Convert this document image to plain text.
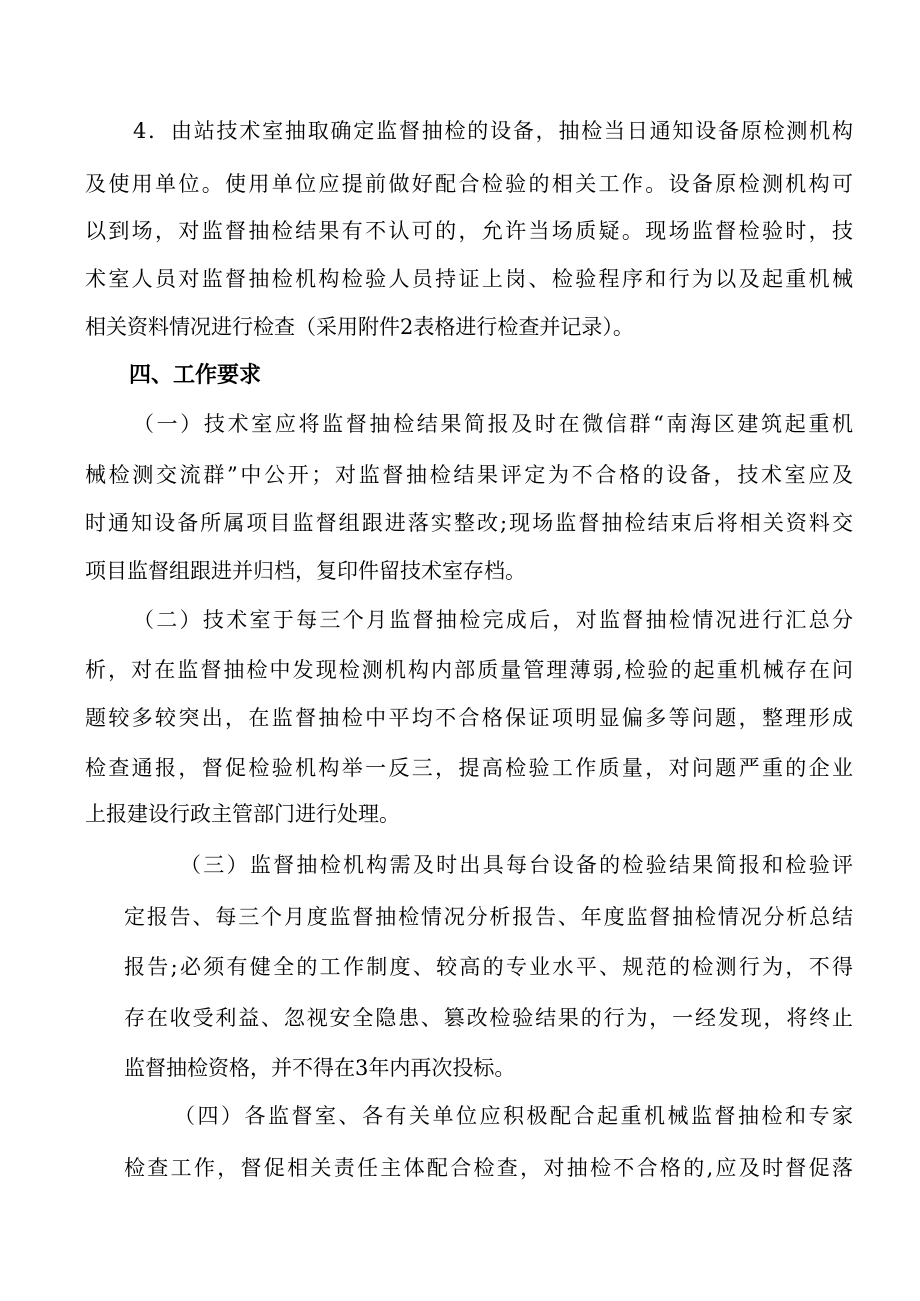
4．由站技术室抽取确定监督抽检的设备，抽检当日通知设备原检测机构
及使用单位。使用单位应提前做好配合检验的相关工作。设备原检测机构可
以到场，对监督抽检结果有不认可的，允许当场质疑。现场监督检验时，技
术室人员对监督抽检机构检验人员持证上岗、检验程序和行为以及起重机械
相关资料情况进行检查（采用附件2表格进行检查并记录）。
四、工作要求
（一）技术室应将监督抽检结果简报及时在微信群“南海区建筑起重机
械检测交流群”中公开；对监督抽检结果评定为不合格的设备，技术室应及
时通知设备所属项目监督组跟进落实整改;现场监督抽检结束后将相关资料交
项目监督组跟进并归档，复印件留技术室存档。
（二）技术室于每三个月监督抽检完成后，对监督抽检情况进行汇总分
析，对在监督抽检中发现检测机构内部质量管理薄弱,检验的起重机械存在问
题较多较突出，在监督抽检中平均不合格保证项明显偏多等问题，整理形成
检查通报，督促检验机构举一反三，提高检验工作质量，对问题严重的企业
上报建设行政主管部门进行处理。
（三）监督抽检机构需及时出具每台设备的检验结果简报和检验评
定报告、每三个月度监督抽检情况分析报告、年度监督抽检情况分析总结
报告;必须有健全的工作制度、较高的专业水平、规范的检测行为，不得
存在收受利益、忽视安全隐患、篡改检验结果的行为，一经发现，将终止
监督抽检资格，并不得在3年内再次投标。
（四）各监督室、各有关单位应积极配合起重机械监督抽检和专家
检查工作，督促相关责任主体配合检查，对抽检不合格的,应及时督促落
